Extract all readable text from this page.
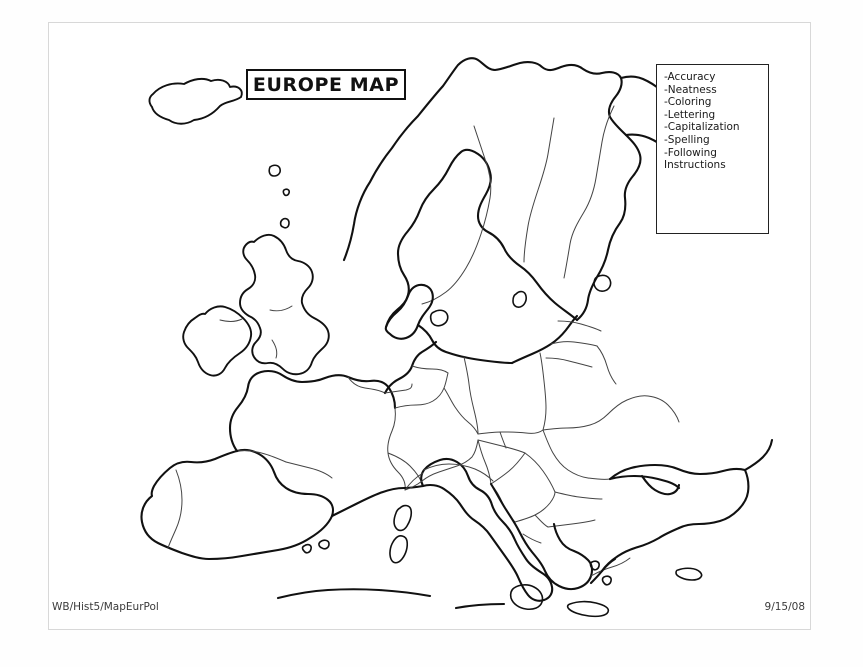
EUROPE MAP	-Accuracy
-Neatness
-Coloring
-Lettering
-Capitalization
-Spelling
-Following
Instructions
WB/Hist5/MapEurPol	9/15/08
